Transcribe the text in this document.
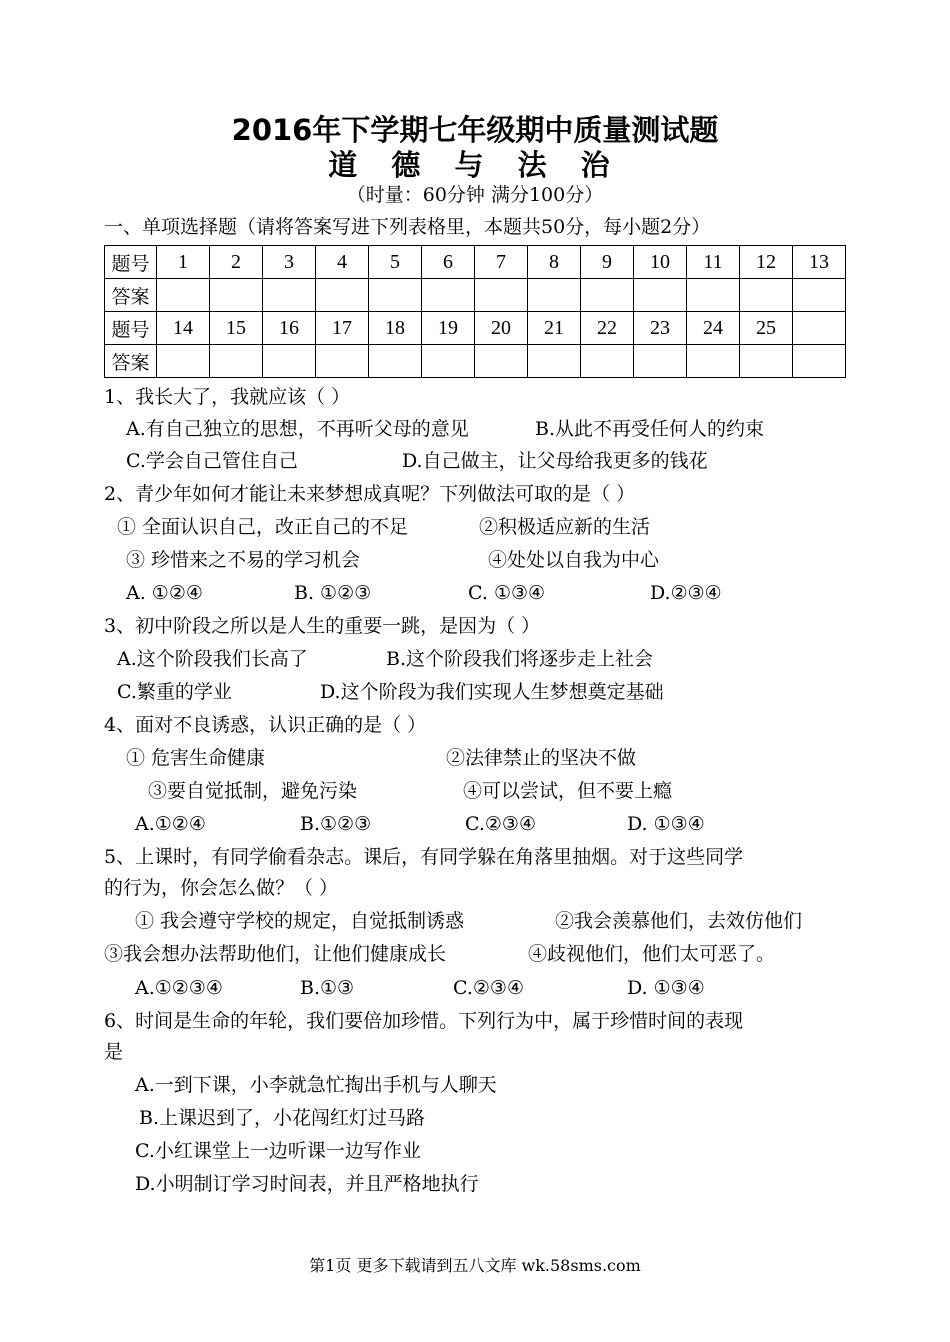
2016年下学期七年级期中质量测试题
道 德 与 法 治
（时量：60分钟 满分100分）
一、单项选择题（请将答案写进下列表格里，本题共50分，每小题2分）
题号	1	2	3	4	5	6	7	8	9	10	11	12	13
答案													
题号	14	15	16	17	18	19	20	21	22	23	24	25	
答案													
1、我长大了，我就应该（ ）
A.有自己独立的思想，不再听父母的意见	B.从此不再受任何人的约束
C.学会自己管住自己	D.自己做主，让父母给我更多的钱花
2、青少年如何才能让未来梦想成真呢？下列做法可取的是（ ）
① 全面认识自己，改正自己的不足	②积极适应新的生活
③ 珍惜来之不易的学习机会	④处处以自我为中心
A. ①②④	B. ①②③	C. ①③④	D.②③④
3、初中阶段之所以是人生的重要一跳，是因为（ ）
A.这个阶段我们长高了	B.这个阶段我们将逐步走上社会
C.繁重的学业	D.这个阶段为我们实现人生梦想奠定基础
4、面对不良诱惑，认识正确的是（ ）
① 危害生命健康	②法律禁止的坚决不做
③要自觉抵制，避免污染	④可以尝试，但不要上瘾
A.①②④	B.①②③	C.②③④	D. ①③④
5、上课时，有同学偷看杂志。课后，有同学躲在角落里抽烟。对于这些同学
的行为，你会怎么做？（ ）
① 我会遵守学校的规定，自觉抵制诱惑	②我会羡慕他们，去效仿他们
③我会想办法帮助他们，让他们健康成长	④歧视他们，他们太可恶了。
A.①②③④	B.①③	C.②③④	D. ①③④
6、时间是生命的年轮，我们要倍加珍惜。下列行为中，属于珍惜时间的表现
是
A.一到下课，小李就急忙掏出手机与人聊天
B.上课迟到了，小花闯红灯过马路
C.小红课堂上一边听课一边写作业
D.小明制订学习时间表，并且严格地执行
第1页 更多下载请到五八文库 wk.58sms.com
